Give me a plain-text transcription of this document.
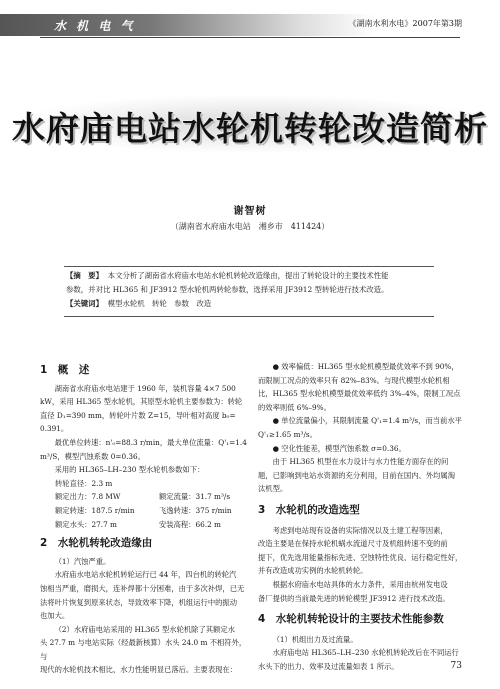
水 机 电 气	《湖南水利水电》2007年第3期
水府庙电站水轮机转轮改造简析
谢智树
（湖南省水府庙水电站　湘乡市　411424）
【摘　要】 本文分析了湖南省水府庙水电站水轮机转轮改造缘由，提出了转轮设计的主要技术性能
参数，并对比 HL365 和 JF3912 型水轮机两转轮参数，选择采用 JF3912 型转轮进行技术改造。
【关键词】 模型水轮机　转轮　参数　改造
1　概　述

湖南省水府庙水电站建于 1960 年，装机容量 4×7 500

kW，采用 HL365 型水轮机，其原型水轮机主要参数为：转轮
直径 D₁=390 mm，转轮叶片数 Z=15，导叶相对高度 b₀=
0.391。

最优单位转速：n'₀=88.3 r/min，最大单位流量：Q'₁=1.4

m³/S，模型汽蚀系数 0=0.36。

采用的 HL365–LH–230 型水轮机参数如下：

转轮直径：2.3 m	
额定出力：7.8 MW	额定流量：31.7 m³/s
额定转速：187.5 r/min	飞逸转速：375 r/min
额定水头：27.7 m	安装高程：66.2 m
2　水轮机转轮改造缘由

（1）汽蚀严重。

水府庙水电站水轮机转轮运行已 44 年，四台机的转轮汽

蚀相当严重，磨损大，连补焊都十分困难，由于多次补焊，已无
法将叶片恢复到原来状态，导致效率下降，机组运行中的振动
也加大。

（2）水府庙电站采用的 HL365 型水轮机除了其额定水

头 27.7 m 与电站实际（经最新核算）水头 24.0 m 不相符外，与
现代的水轮机技术相比，水力性能明显已落后。主要表现在：

● 效率偏低：HL365 型水轮机模型最优效率不到 90%，

而限制工况点的效率只有 82%–83%。与现代模型水轮机相
比，HL365 型水轮机模型最优效率低约 3%–4%，限制工况点
的效率则低 6%–9%。

● 单位流量偏小，其限制流量 Q'₁=1.4 m³/s，而当前水平

Q'₁≥1.65 m³/s。

● 空化性能差，模型汽蚀系数 σ=0.36。

由于 HL365 机型在水力设计与水力性能方面存在的问

题，已影响到电站水资源的充分利用，目前在国内、外均属淘
汰机型。
3　水轮机的改造选型

考虑到电站现有设备的实际情况以及土建工程等因素，

改造主要是在保持水轮机蜗水流道尺寸及机组转速不变的前
提下，优先选用能量指标先进、空蚀特性优良、运行稳定性好，
并有改造成功实例的水轮机转轮。

根据水府庙水电站具体的水力条件，采用由杭州发电设

备厂提供的当前最先进的转轮模型 JF3912 进行技术改造。
4　水轮机转轮设计的主要技术性能参数

（1）机组出力及过流量。

水府庙电站 HL365–LH–230 水轮机转轮改后在不同运行

水头下的出力、效率及过流量如表 1 所示。	73
